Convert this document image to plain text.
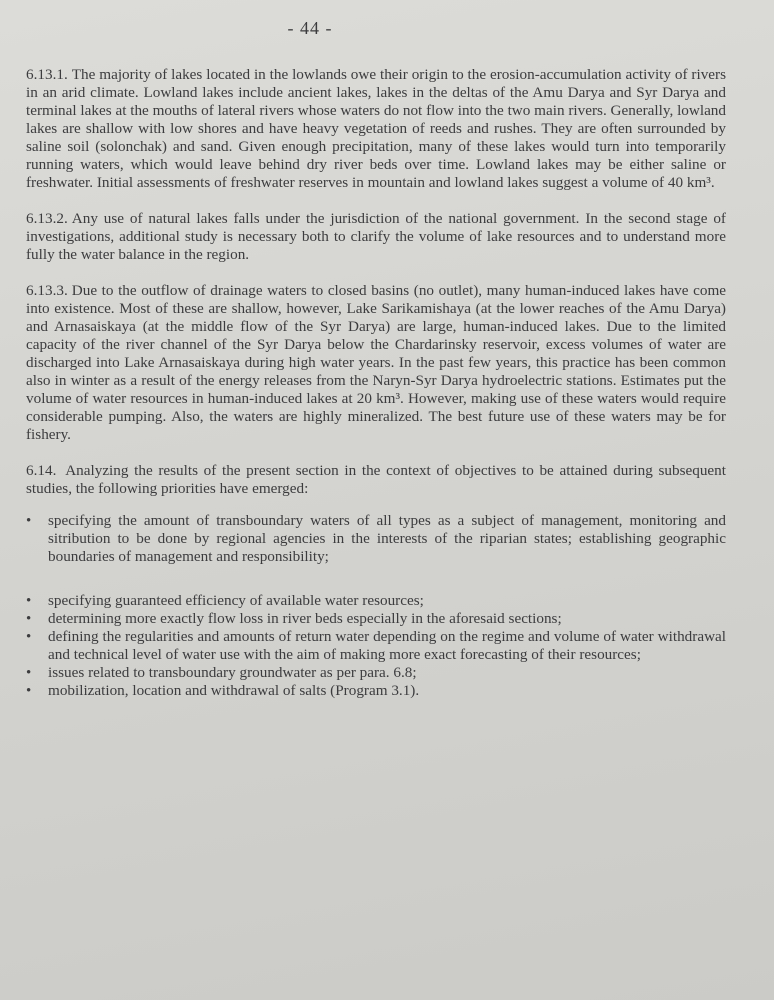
- 44 -

6.13.1. The majority of lakes located in the lowlands owe their origin to the erosion-accumulation activity of rivers in an arid climate. Lowland lakes include ancient lakes, lakes in the deltas of the Amu Darya and Syr Darya and terminal lakes at the mouths of lateral rivers whose waters do not flow into the two main rivers. Generally, lowland lakes are shallow with low shores and have heavy vegetation of reeds and rushes. They are often surrounded by saline soil (solonchak) and sand. Given enough precipitation, many of these lakes would turn into temporarily running waters, which would leave behind dry river beds over time. Lowland lakes may be either saline or freshwater. Initial assessments of freshwater reserves in mountain and lowland lakes suggest a volume of 40 km³.

6.13.2. Any use of natural lakes falls under the jurisdiction of the national government. In the second stage of investigations, additional study is necessary both to clarify the volume of lake resources and to understand more fully the water balance in the region.

6.13.3. Due to the outflow of drainage waters to closed basins (no outlet), many human-induced lakes have come into existence. Most of these are shallow, however, Lake Sarikamishaya (at the lower reaches of the Amu Darya) and Arnasaiskaya (at the middle flow of the Syr Darya) are large, human-induced lakes. Due to the limited capacity of the river channel of the Syr Darya below the Chardarinsky reservoir, excess volumes of water are discharged into Lake Arnasaiskaya during high water years. In the past few years, this practice has been common also in winter as a result of the energy releases from the Naryn-Syr Darya hydroelectric stations. Estimates put the volume of water resources in human-induced lakes at 20 km³. However, making use of these waters would require considerable pumping. Also, the waters are highly mineralized. The best future use of these waters may be for fishery.

6.14. Analyzing the results of the present section in the context of objectives to be attained during subsequent studies, the following priorities have emerged:

• specifying the amount of transboundary waters of all types as a subject of management, monitoring and sitribution to be done by regional agencies in the interests of the riparian states; establishing geographic boundaries of management and responsibility;
• specifying guaranteed efficiency of available water resources;
• determining more exactly flow loss in river beds especially in the aforesaid sections;
• defining the regularities and amounts of return water depending on the regime and volume of water withdrawal and technical level of water use with the aim of making more exact forecasting of their resources;
• issues related to transboundary groundwater as per para. 6.8;
• mobilization, location and withdrawal of salts (Program 3.1).
